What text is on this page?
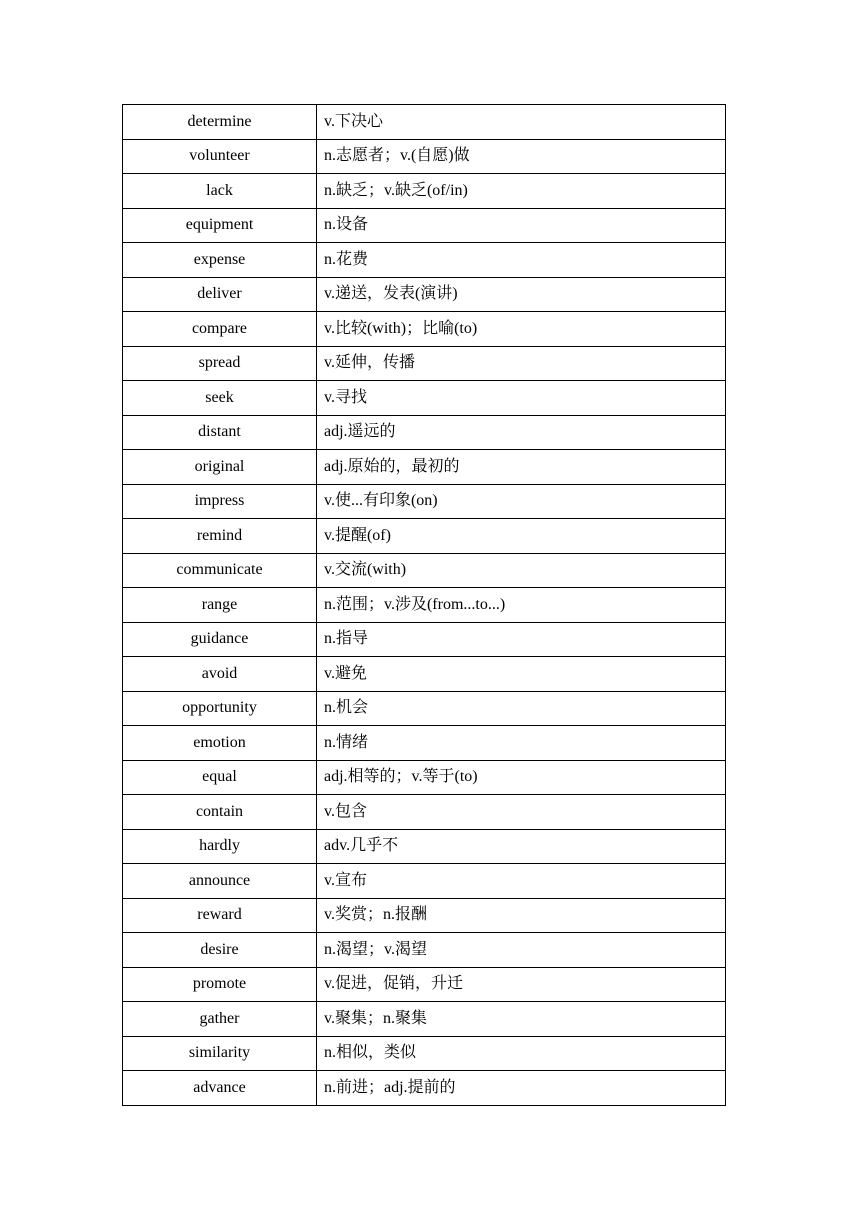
determine	v.下决心
volunteer	n.志愿者；v.(自愿)做
lack	n.缺乏；v.缺乏(of/in)
equipment	n.设备
expense	n.花费
deliver	v.递送，发表(演讲)
compare	v.比较(with)；比喻(to)
spread	v.延伸，传播
seek	v.寻找
distant	adj.遥远的
original	adj.原始的，最初的
impress	v.使...有印象(on)
remind	v.提醒(of)
communicate	v.交流(with)
range	n.范围；v.涉及(from...to...)
guidance	n.指导
avoid	v.避免
opportunity	n.机会
emotion	n.情绪
equal	adj.相等的；v.等于(to)
contain	v.包含
hardly	adv.几乎不
announce	v.宣布
reward	v.奖赏；n.报酬
desire	n.渴望；v.渴望
promote	v.促进，促销，升迁
gather	v.聚集；n.聚集
similarity	n.相似，类似
advance	n.前进；adj.提前的
